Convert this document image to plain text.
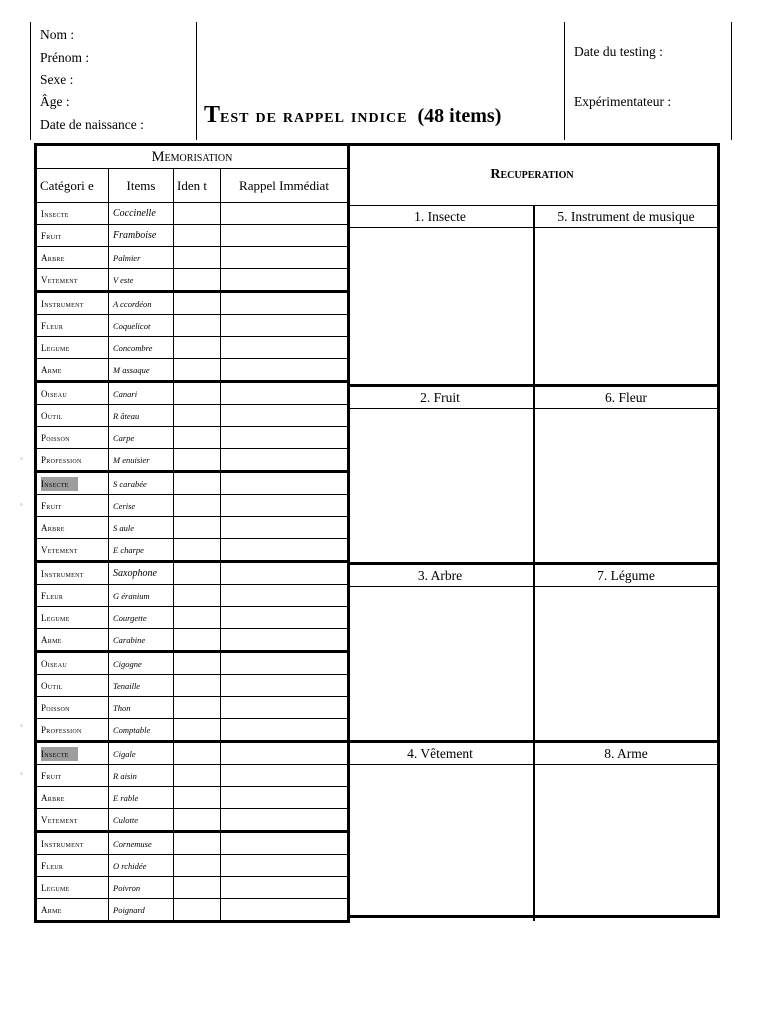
Nom :
Prénom :
Sexe :
Âge :
Date de naissance :	Test de rappel indice (48 items)
Date du testing :
Expérimentateur :
◦
◦
◦
◦
Memorisation			
Catégori e	Items	Iden t	Rappel Immédiat
Insecte	Coccinelle		
Fruit	Framboise		
Arbre	Palmier		
Vetement	V este		
Instrument	A ccordéon		
Fleur	Coquelicot		
Legume	Concombre		
Arme	M assaque		
Oiseau	Canari		
Outil	R âteau		
Poisson	Carpe		
Profession	M enuisier		
Insecte	S carabée		
Fruit	Cerise		
Arbre	S aule		
Vetement	E charpe		
Instrument	Saxophone		
Fleur	G éranium		
Legume	Courgette		
Arme	Carabine		
Oiseau	Cigogne		
Outil	Tenaille		
Poisson	Thon		
Profession	Comptable		
Insecte	Cigale		
Fruit	R aisin		
Arbre	E rable		
Vetement	Culotte		
Instrument	Cornemuse		
Fleur	O rchidée		
Legume	Poivron		
Arme	Poignard		
Recuperation
1. Insecte	5. Instrument de musique
2. Fruit	6. Fleur
3. Arbre	7. Légume
4. Vêtement	8. Arme
